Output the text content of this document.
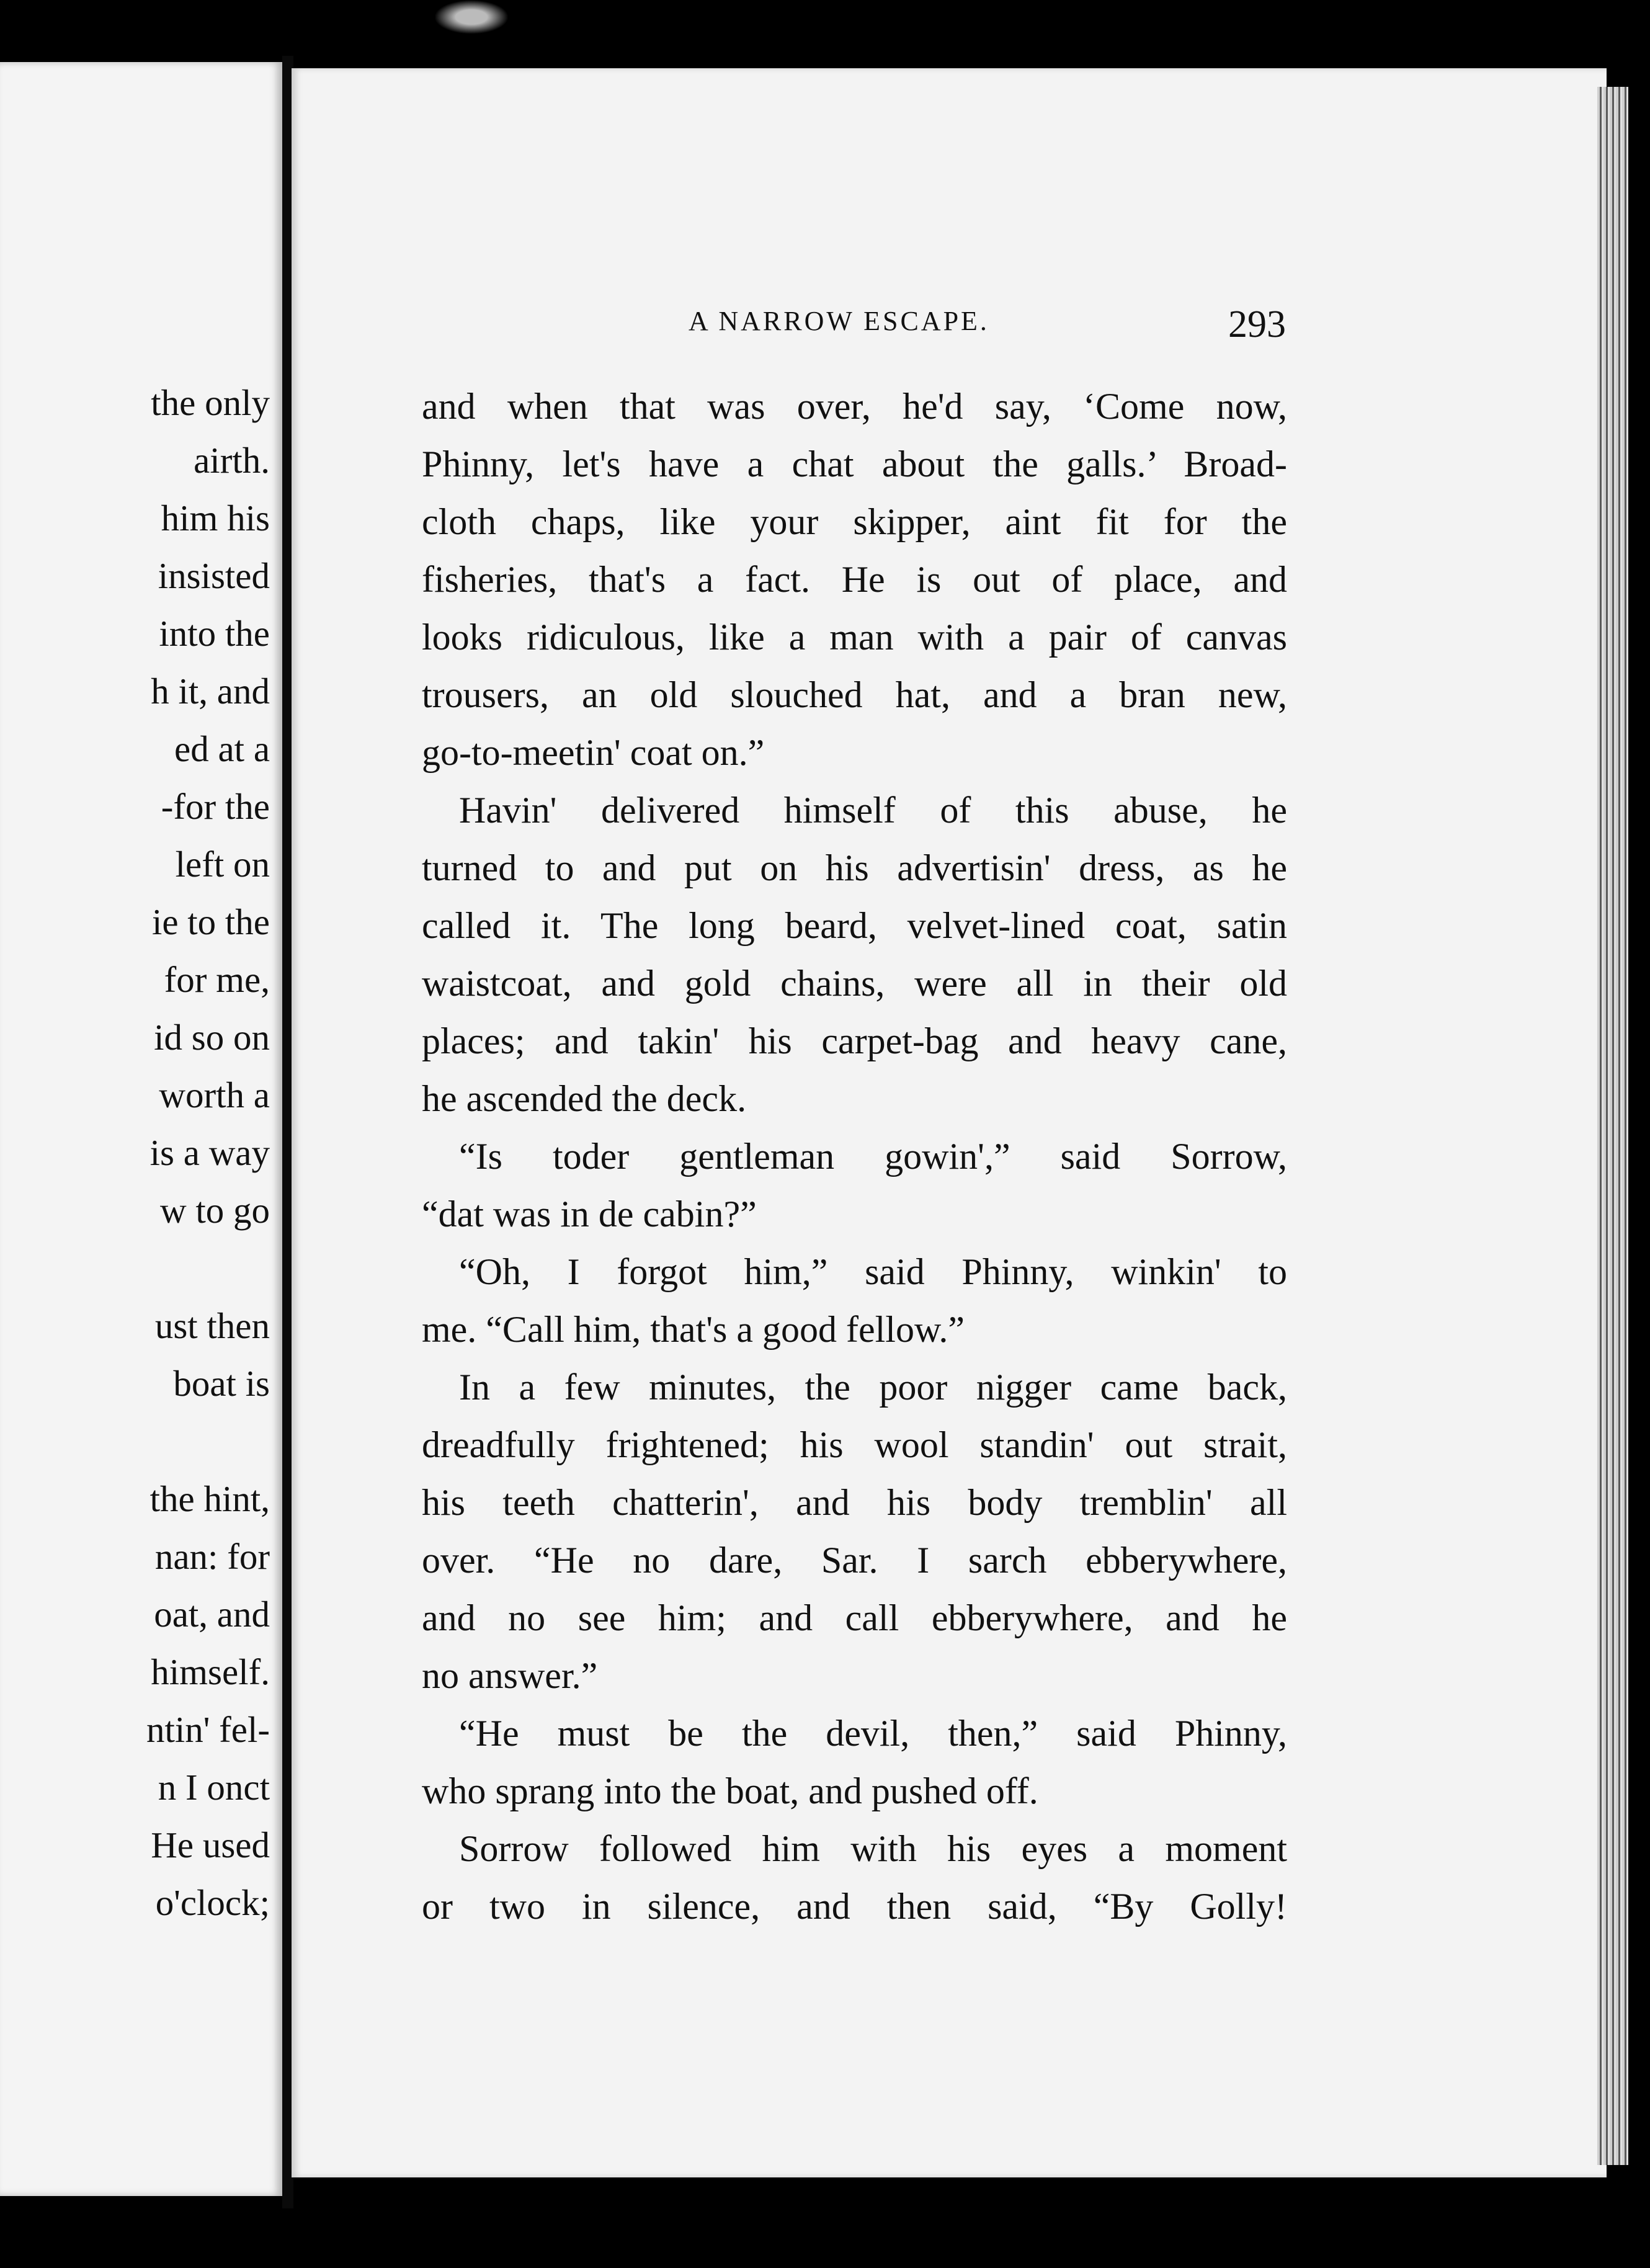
the only
airth.
him his
insisted
into the
h it, and
ed at a
-for the
left on
ie to the
for me,
id so on
worth a
is a way
w to go
ust then
boat is
the hint,
nan: for
oat, and
himself.
ntin' fel-
n I onct
He used
o'clock;
A NARROW ESCAPE.	293
and when that was over, he'd say, ‘Come now,
Phinny, let's have a chat about the galls.’ Broad-
cloth chaps, like your skipper, aint fit for the
fisheries, that's a fact. He is out of place, and
looks ridiculous, like a man with a pair of canvas
trousers, an old slouched hat, and a bran new,
go-to-meetin' coat on.”
Havin' delivered himself of this abuse, he
turned to and put on his advertisin' dress, as he
called it. The long beard, velvet-lined coat, satin
waistcoat, and gold chains, were all in their old
places; and takin' his carpet-bag and heavy cane,
he ascended the deck.
“Is toder gentleman gowin',” said Sorrow,
“dat was in de cabin?”
“Oh, I forgot him,” said Phinny, winkin' to
me. “Call him, that's a good fellow.”
In a few minutes, the poor nigger came back,
dreadfully frightened; his wool standin' out strait,
his teeth chatterin', and his body tremblin' all
over. “He no dare, Sar. I sarch ebberywhere,
and no see him; and call ebberywhere, and he
no answer.”
“He must be the devil, then,” said Phinny,
who sprang into the boat, and pushed off.
Sorrow followed him with his eyes a moment
or two in silence, and then said, “By Golly!
